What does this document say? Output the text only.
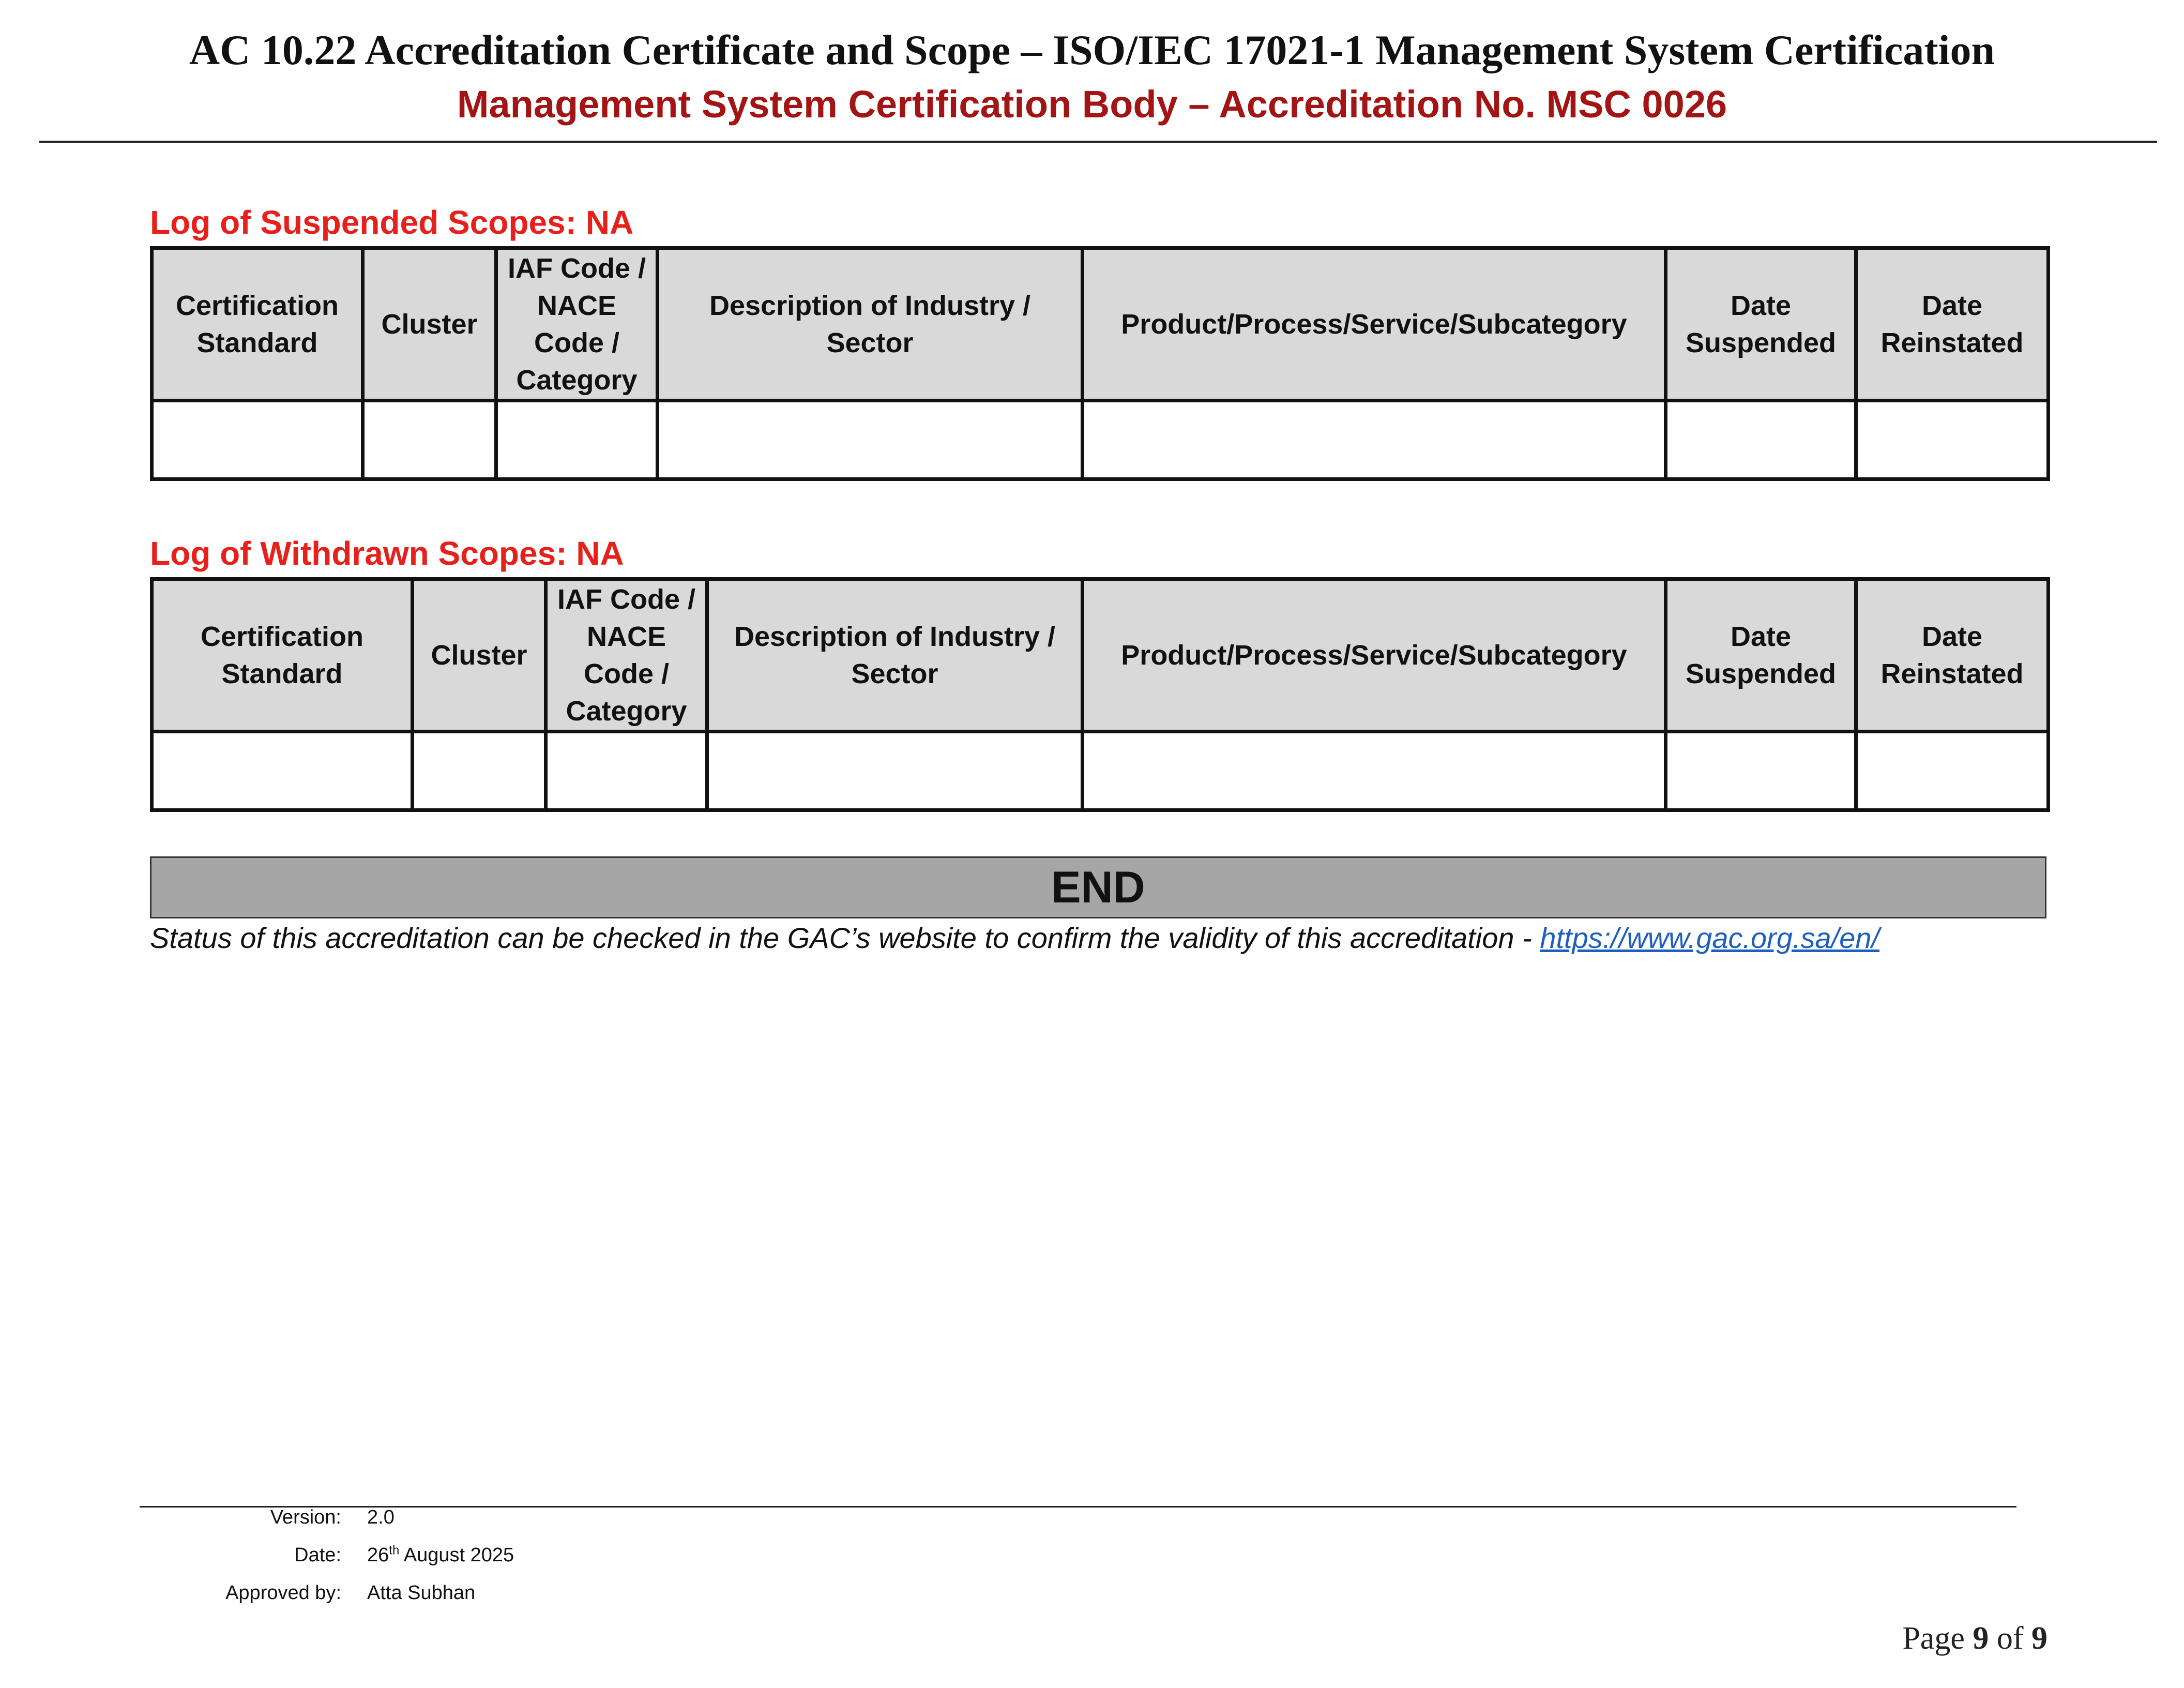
AC 10.22 Accreditation Certificate and Scope – ISO/IEC 17021-1 Management System Certification
Management System Certification Body – Accreditation No. MSC 0026
Log of Suspended Scopes: NA
Certification Standard	Cluster	IAF Code / NACE Code / Category	Description of Industry / Sector	Product/Process/Service/Subcategory	Date Suspended	Date Reinstated

Log of Withdrawn Scopes: NA
Certification Standard	Cluster	IAF Code / NACE Code / Category	Description of Industry / Sector	Product/Process/Service/Subcategory	Date Suspended	Date Reinstated

END
Status of this accreditation can be checked in the GAC’s website to confirm the validity of this accreditation - https://www.gac.org.sa/en/
Version: 2.0
Date: 26th August 2025
Approved by: Atta Subhan
Page 9 of 9
